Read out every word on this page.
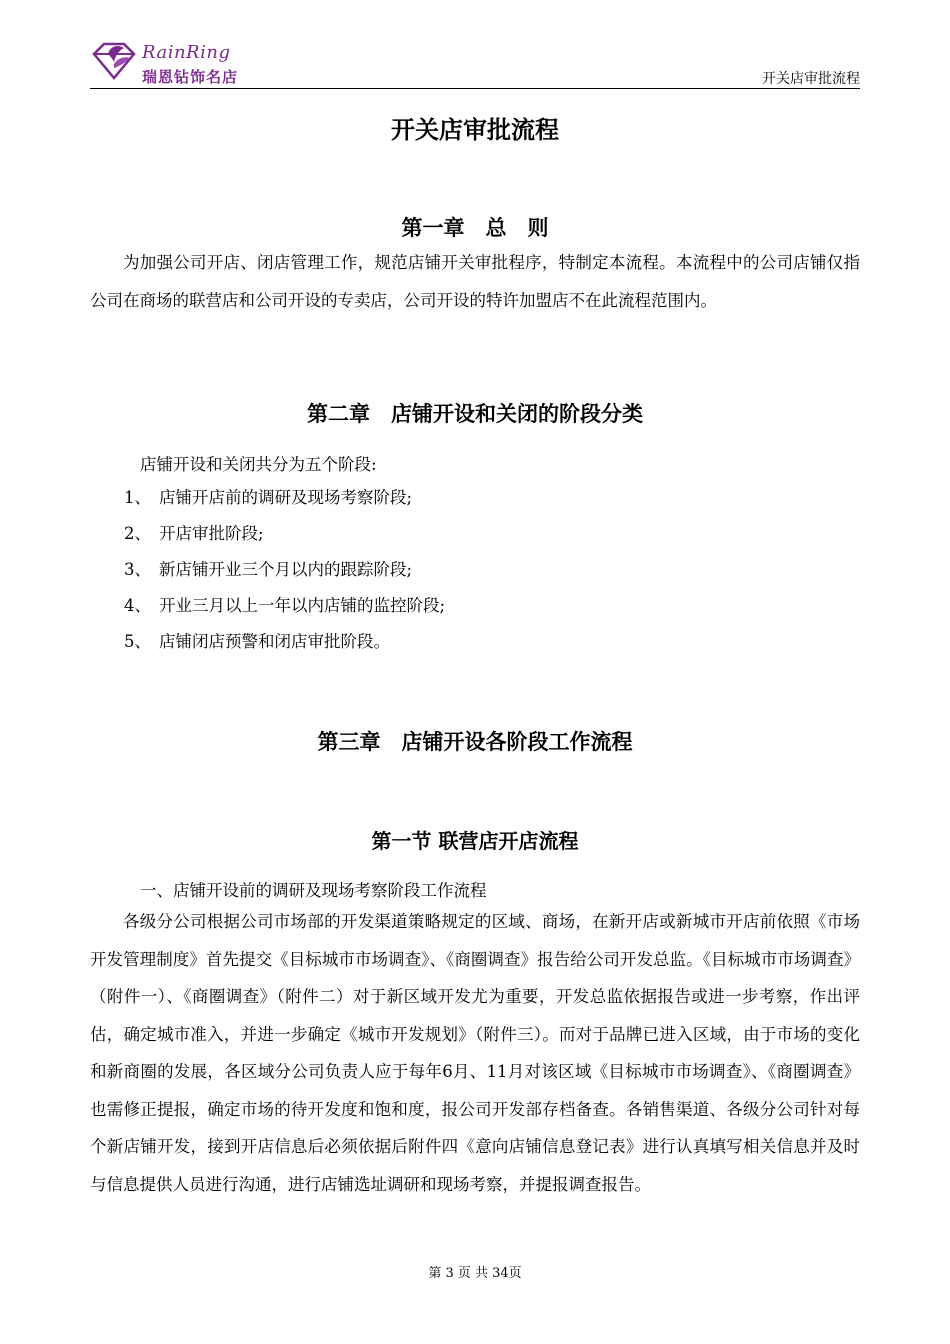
RainRing
瑞恩钻饰名店	开关店审批流程
开关店审批流程
第一章　总　则

为加强公司开店、闭店管理工作，规范店铺开关审批程序，特制定本流程。本流程中的公司店铺仅指公司在商场的联营店和公司开设的专卖店，公司开设的特许加盟店不在此流程范围内。

第二章　店铺开设和关闭的阶段分类
店铺开设和关闭共分为五个阶段:
1、 店铺开店前的调研及现场考察阶段;
2、 开店审批阶段;
3、 新店铺开业三个月以内的跟踪阶段;
4、 开业三月以上一年以内店铺的监控阶段;
5、 店铺闭店预警和闭店审批阶段。
第三章　店铺开设各阶段工作流程
第一节 联营店开店流程
一、店铺开设前的调研及现场考察阶段工作流程

各级分公司根据公司市场部的开发渠道策略规定的区域、商场，在新开店或新城市开店前依照《市场开发管理制度》首先提交《目标城市市场调查》、《商圈调查》报告给公司开发总监。《目标城市市场调查》（附件一）、《商圈调查》（附件二）对于新区域开发尤为重要，开发总监依据报告或进一步考察，作出评估，确定城市准入，并进一步确定《城市开发规划》（附件三）。而对于品牌已进入区域，由于市场的变化和新商圈的发展，各区域分公司负责人应于每年6月、11月对该区域《目标城市市场调查》、《商圈调查》也需修正提报，确定市场的待开发度和饱和度，报公司开发部存档备查。各销售渠道、各级分公司针对每个新店铺开发，接到开店信息后必须依据后附件四《意向店铺信息登记表》进行认真填写相关信息并及时与信息提供人员进行沟通，进行店铺选址调研和现场考察，并提报调查报告。

第 3 页 共 34页
